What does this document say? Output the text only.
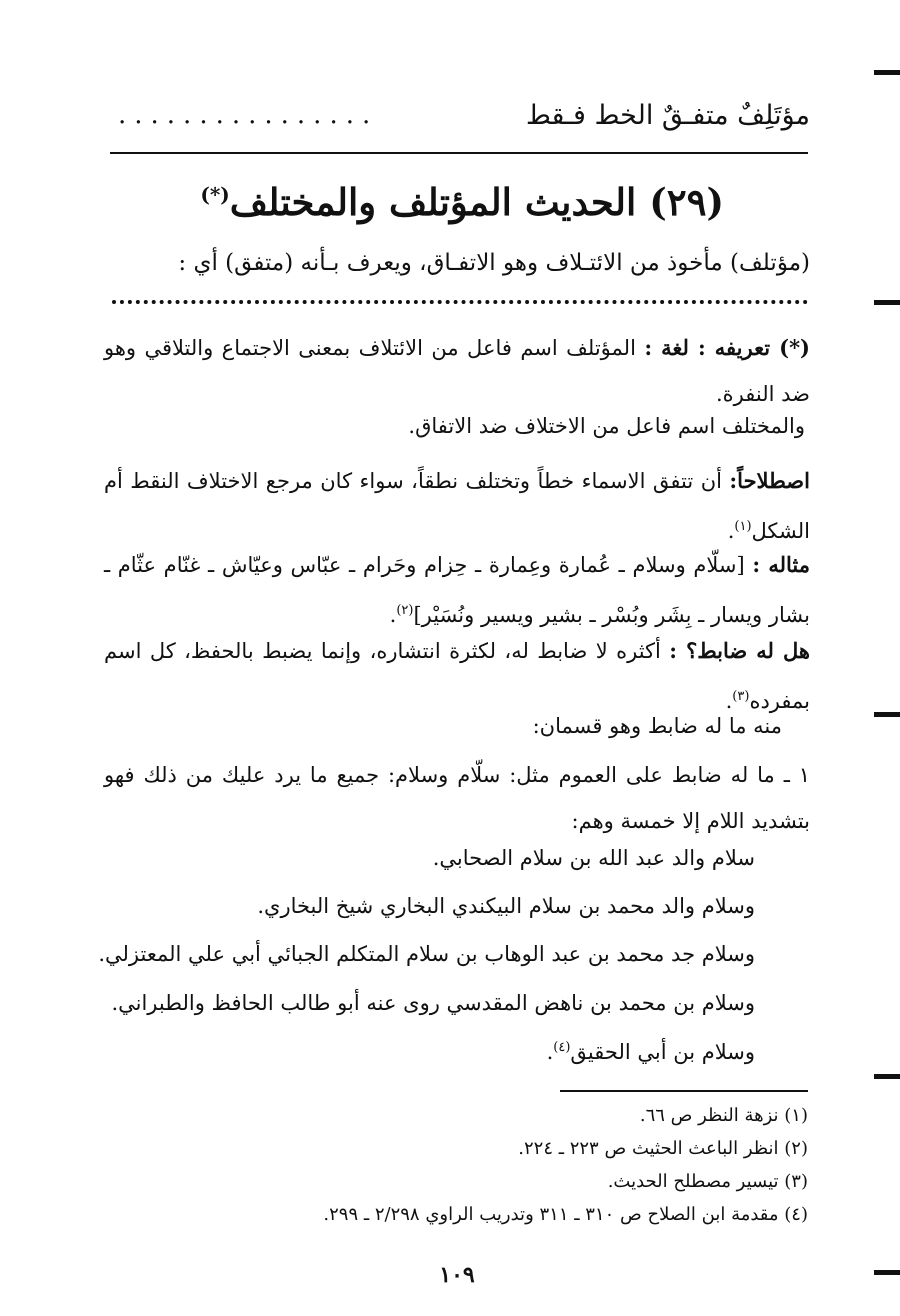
مؤتَلِفٌ متفـقٌ الخط فـقط
................
(٢٩) الحديث المؤتلف والمختلف(*)
(مؤتلف) مأخوذ من الائتـلاف وهو الاتفـاق، ويعرف بـأنه (متفق) أي :
(*) تعريفه : لغة : المؤتلف اسم فاعل من الائتلاف بمعنى الاجتماع والتلاقي وهو ضد النفرة.
والمختلف اسم فاعل من الاختلاف ضد الاتفاق.
اصطلاحاً: أن تتفق الاسماء خطاً وتختلف نطقاً، سواء كان مرجع الاختلاف النقط أم الشكل$^{(١)}$.
مثاله : [سلّام وسلام ـ عُمارة وعِمارة ـ حِزام وحَرام ـ عبّاس وعيّاش ـ غنّام عثّام ـ بشار ويسار ـ بِشَر وبُسْر ـ بشير ويسير ونُسَيْر]$^{(٢)}$.
هل له ضابط؟ : أكثره لا ضابط له، لكثرة انتشاره، وإنما يضبط بالحفظ، كل اسم بمفرده$^{(٣)}$.
منه ما له ضابط وهو قسمان:
١ ـ ما له ضابط على العموم مثل: سلّام وسلام: جميع ما يرد عليك من ذلك فهو بتشديد اللام إلا خمسة وهم:
سلام والد عبد الله بن سلام الصحابي.
وسلام والد محمد بن سلام البيكندي البخاري شيخ البخاري.
وسلام جد محمد بن عبد الوهاب بن سلام المتكلم الجبائي أبي علي المعتزلي.
وسلام بن محمد بن ناهض المقدسي روى عنه أبو طالب الحافظ والطبراني.
وسلام بن أبي الحقيق$^{(٤)}$.
(١) نزهة النظر ص ٦٦.
(٢) انظر الباعث الحثيث ص ٢٢٣ ـ ٢٢٤.
(٣) تيسير مصطلح الحديث.
(٤) مقدمة ابن الصلاح ص ٣١٠ ـ ٣١١ وتدريب الراوي ٢/٢٩٨ ـ ٢٩٩.
١٠٩
